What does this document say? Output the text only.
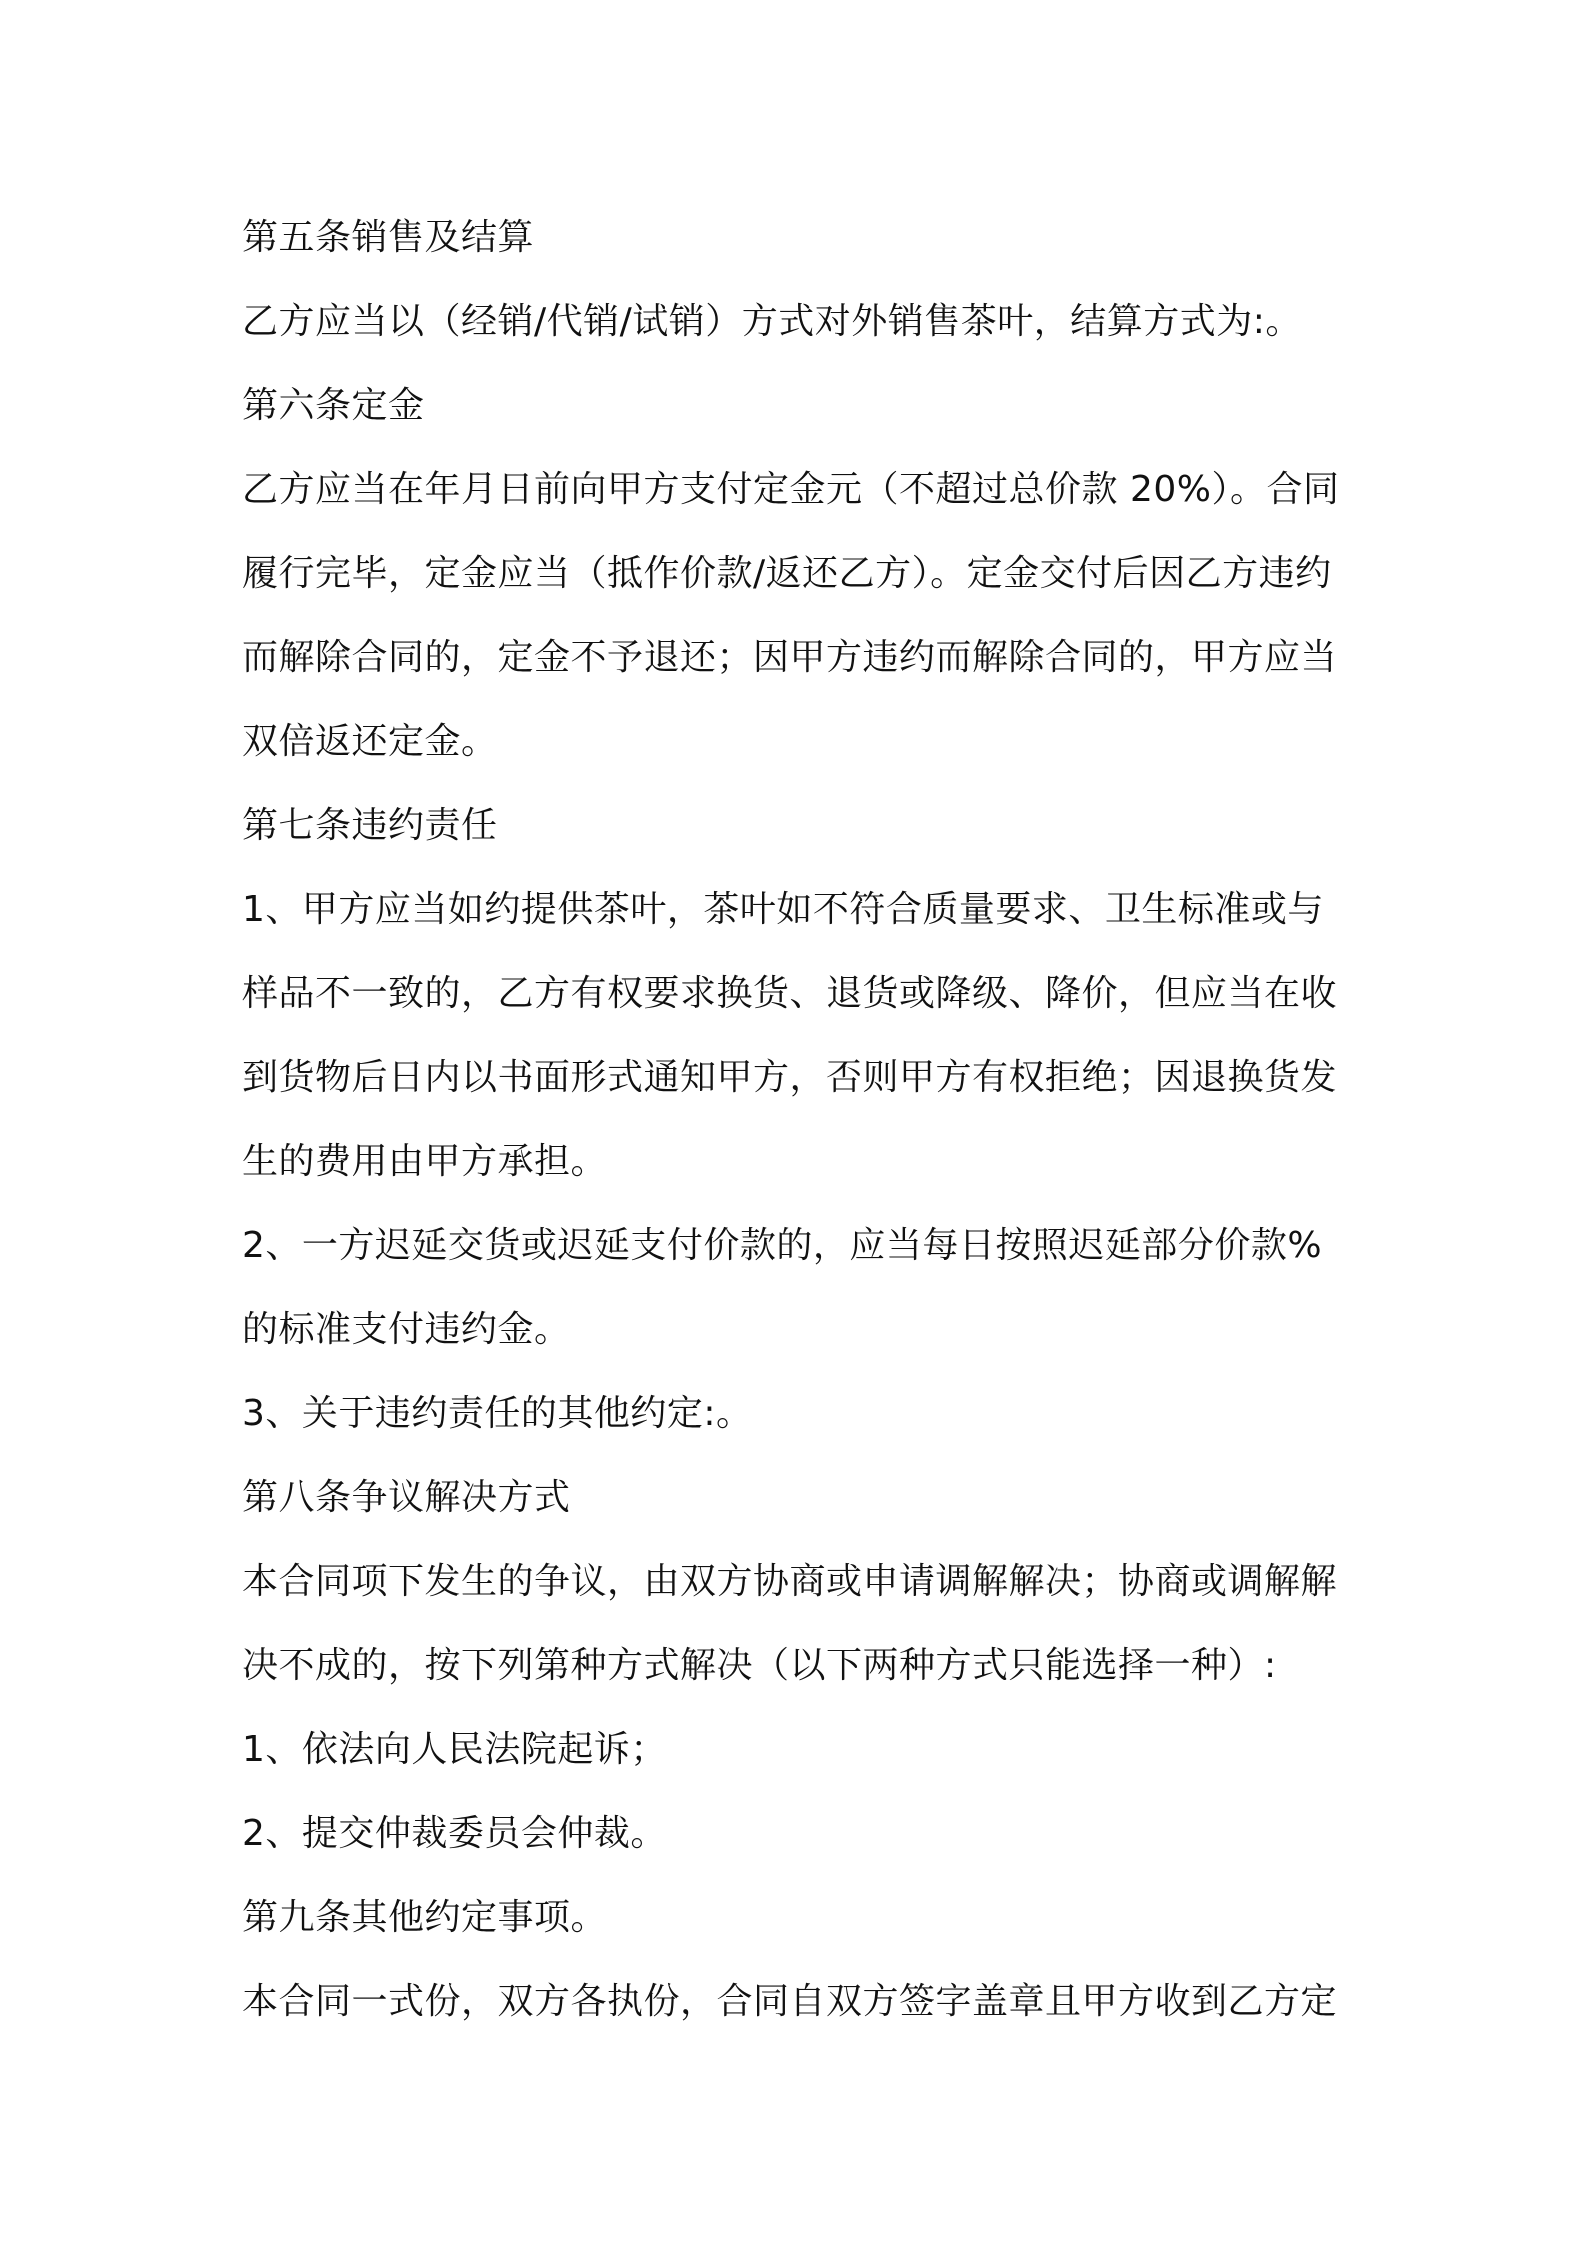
第五条销售及结算
乙方应当以（经销/代销/试销）方式对外销售茶叶，结算方式为:。
第六条定金
乙方应当在年月日前向甲方支付定金元（不超过总价款 20%）。合同
履行完毕，定金应当（抵作价款/返还乙方）。定金交付后因乙方违约
而解除合同的，定金不予退还；因甲方违约而解除合同的，甲方应当
双倍返还定金。
第七条违约责任
1、甲方应当如约提供茶叶，茶叶如不符合质量要求、卫生标准或与
样品不一致的，乙方有权要求换货、退货或降级、降价，但应当在收
到货物后日内以书面形式通知甲方，否则甲方有权拒绝；因退换货发
生的费用由甲方承担。
2、一方迟延交货或迟延支付价款的，应当每日按照迟延部分价款%
的标准支付违约金。
3、关于违约责任的其他约定:。
第八条争议解决方式
本合同项下发生的争议，由双方协商或申请调解解决；协商或调解解
决不成的，按下列第种方式解决（以下两种方式只能选择一种）:
1、依法向人民法院起诉；
2、提交仲裁委员会仲裁。
第九条其他约定事项。
本合同一式份，双方各执份，合同自双方签字盖章且甲方收到乙方定
